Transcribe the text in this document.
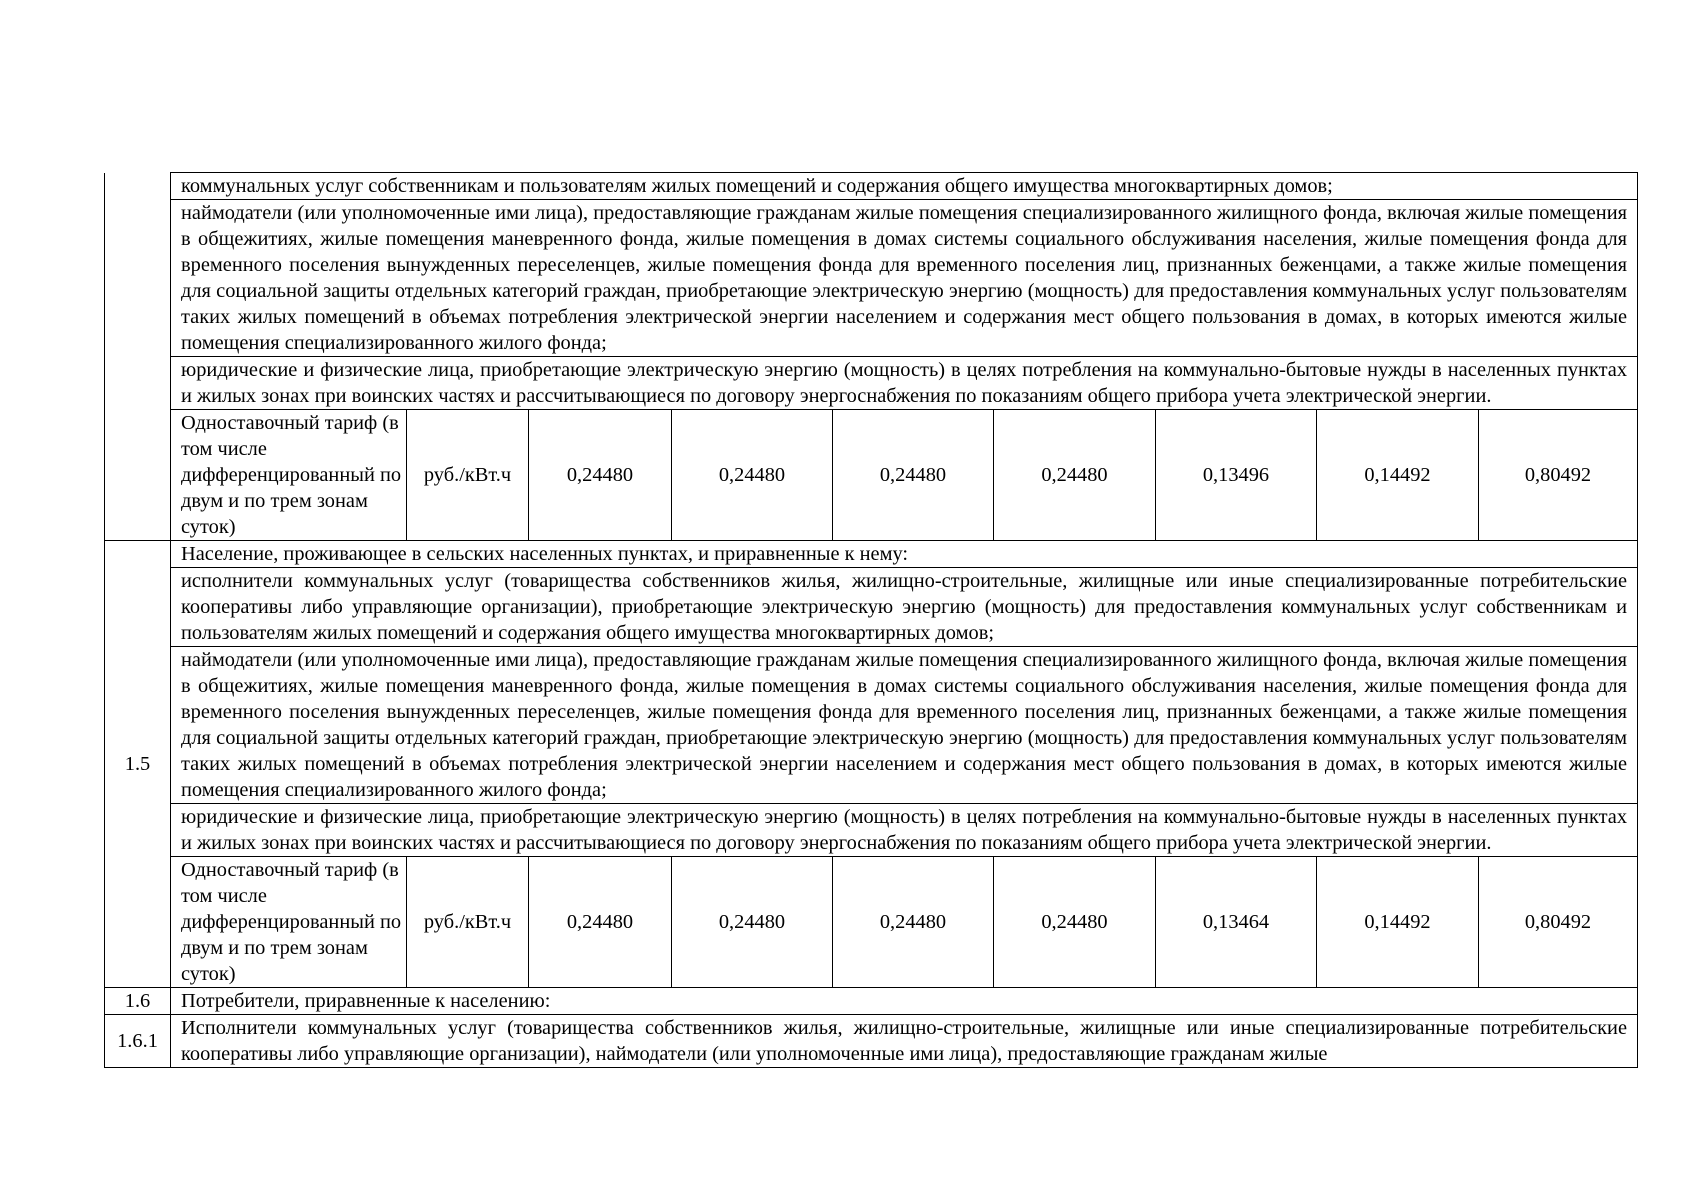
	коммунальных услуг собственникам и пользователям жилых помещений и содержания общего имущества многоквартирных домов;								
	наймодатели (или уполномоченные ими лица), предоставляющие гражданам жилые помещения специализированного жилищного фонда, включая жилые помещения в общежитиях, жилые помещения маневренного фонда, жилые помещения в домах системы социального обслуживания населения, жилые помещения фонда для временного поселения вынужденных переселенцев, жилые помещения фонда для временного поселения лиц, признанных беженцами, а также жилые помещения для социальной защиты отдельных категорий граждан, приобретающие электрическую энергию (мощность) для предоставления коммунальных услуг пользователям таких жилых помещений в объемах потребления электрической энергии населением и содержания мест общего пользования в домах, в которых имеются жилые помещения специализированного жилого фонда;								
	юридические и физические лица, приобретающие электрическую энергию (мощность) в целях потребления на коммунально-бытовые нужды в населенных пунктах и жилых зонах при воинских частях и рассчитывающиеся по договору энергоснабжения по показаниям общего прибора учета электрической энергии.								
	Одноставочный тариф (в том числе дифференцированный по двум и по трем зонам суток)	руб./кВт.ч	0,24480	0,24480	0,24480	0,24480	0,13496	0,14492	0,80492
1.5	Население, проживающее в сельских населенных пунктах, и приравненные к нему:								
	исполнители коммунальных услуг (товарищества собственников жилья, жилищно-строительные, жилищные или иные специализированные потребительские кооперативы либо управляющие организации), приобретающие электрическую энергию (мощность) для предоставления коммунальных услуг собственникам и пользователям жилых помещений и содержания общего имущества многоквартирных домов;								
	наймодатели (или уполномоченные ими лица), предоставляющие гражданам жилые помещения специализированного жилищного фонда, включая жилые помещения в общежитиях, жилые помещения маневренного фонда, жилые помещения в домах системы социального обслуживания населения, жилые помещения фонда для временного поселения вынужденных переселенцев, жилые помещения фонда для временного поселения лиц, признанных беженцами, а также жилые помещения для социальной защиты отдельных категорий граждан, приобретающие электрическую энергию (мощность) для предоставления коммунальных услуг пользователям таких жилых помещений в объемах потребления электрической энергии населением и содержания мест общего пользования в домах, в которых имеются жилые помещения специализированного жилого фонда;								
	юридические и физические лица, приобретающие электрическую энергию (мощность) в целях потребления на коммунально-бытовые нужды в населенных пунктах и жилых зонах при воинских частях и рассчитывающиеся по договору энергоснабжения по показаниям общего прибора учета электрической энергии.								
	Одноставочный тариф (в том числе дифференцированный по двум и по трем зонам суток)	руб./кВт.ч	0,24480	0,24480	0,24480	0,24480	0,13464	0,14492	0,80492
1.6	Потребители, приравненные к населению:								
1.6.1	Исполнители коммунальных услуг (товарищества собственников жилья, жилищно-строительные, жилищные или иные специализированные потребительские кооперативы либо управляющие организации), наймодатели (или уполномоченные ими лица), предоставляющие гражданам жилые								
